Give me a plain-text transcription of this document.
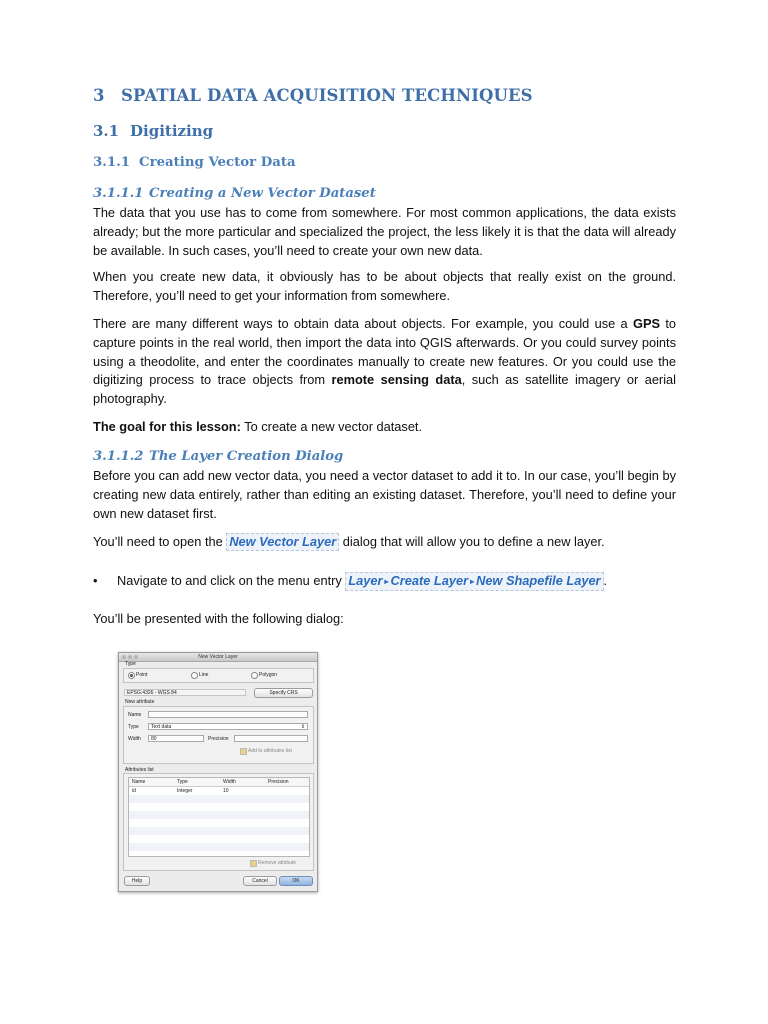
3 SPATIAL DATA ACQUISITION TECHNIQUES
3.1 Digitizing
3.1.1 Creating Vector Data
3.1.1.1 Creating a New Vector Dataset
The data that you use has to come from somewhere. For most common applications, the data exists already; but the more particular and specialized the project, the less likely it is that the data will already be available. In such cases, you’ll need to create your own new data.
When you create new data, it obviously has to be about objects that really exist on the ground. Therefore, you’ll need to get your information from somewhere.
There are many different ways to obtain data about objects. For example, you could use a GPS to capture points in the real world, then import the data into QGIS afterwards. Or you could survey points using a theodolite, and enter the coordinates manually to create new features. Or you could use the digitizing process to trace objects from remote sensing data, such as satellite imagery or aerial photography.
The goal for this lesson: To create a new vector dataset.
3.1.1.2 The Layer Creation Dialog
Before you can add new vector data, you need a vector dataset to add it to. In our case, you’ll begin by creating new data entirely, rather than editing an existing dataset. Therefore, you’ll need to define your own new dataset first.
You’ll need to open the New Vector Layer dialog that will allow you to define a new layer.
• Navigate to and click on the menu entry Layer ▸ Create Layer ▸ New Shapefile Layer .
You’ll be presented with the following dialog:
New Vector Layer
Type
Point	Line	Polygon
EPSG:4326 - WGS 84	Specify CRS
New attribute
Name
Type	Text data	⇕
Width	80	Precision
Add to attributes list
Attributes list
Name	Type	Width	Precision
id	Integer	10
Remove attribute
Help	Cancel	OK
